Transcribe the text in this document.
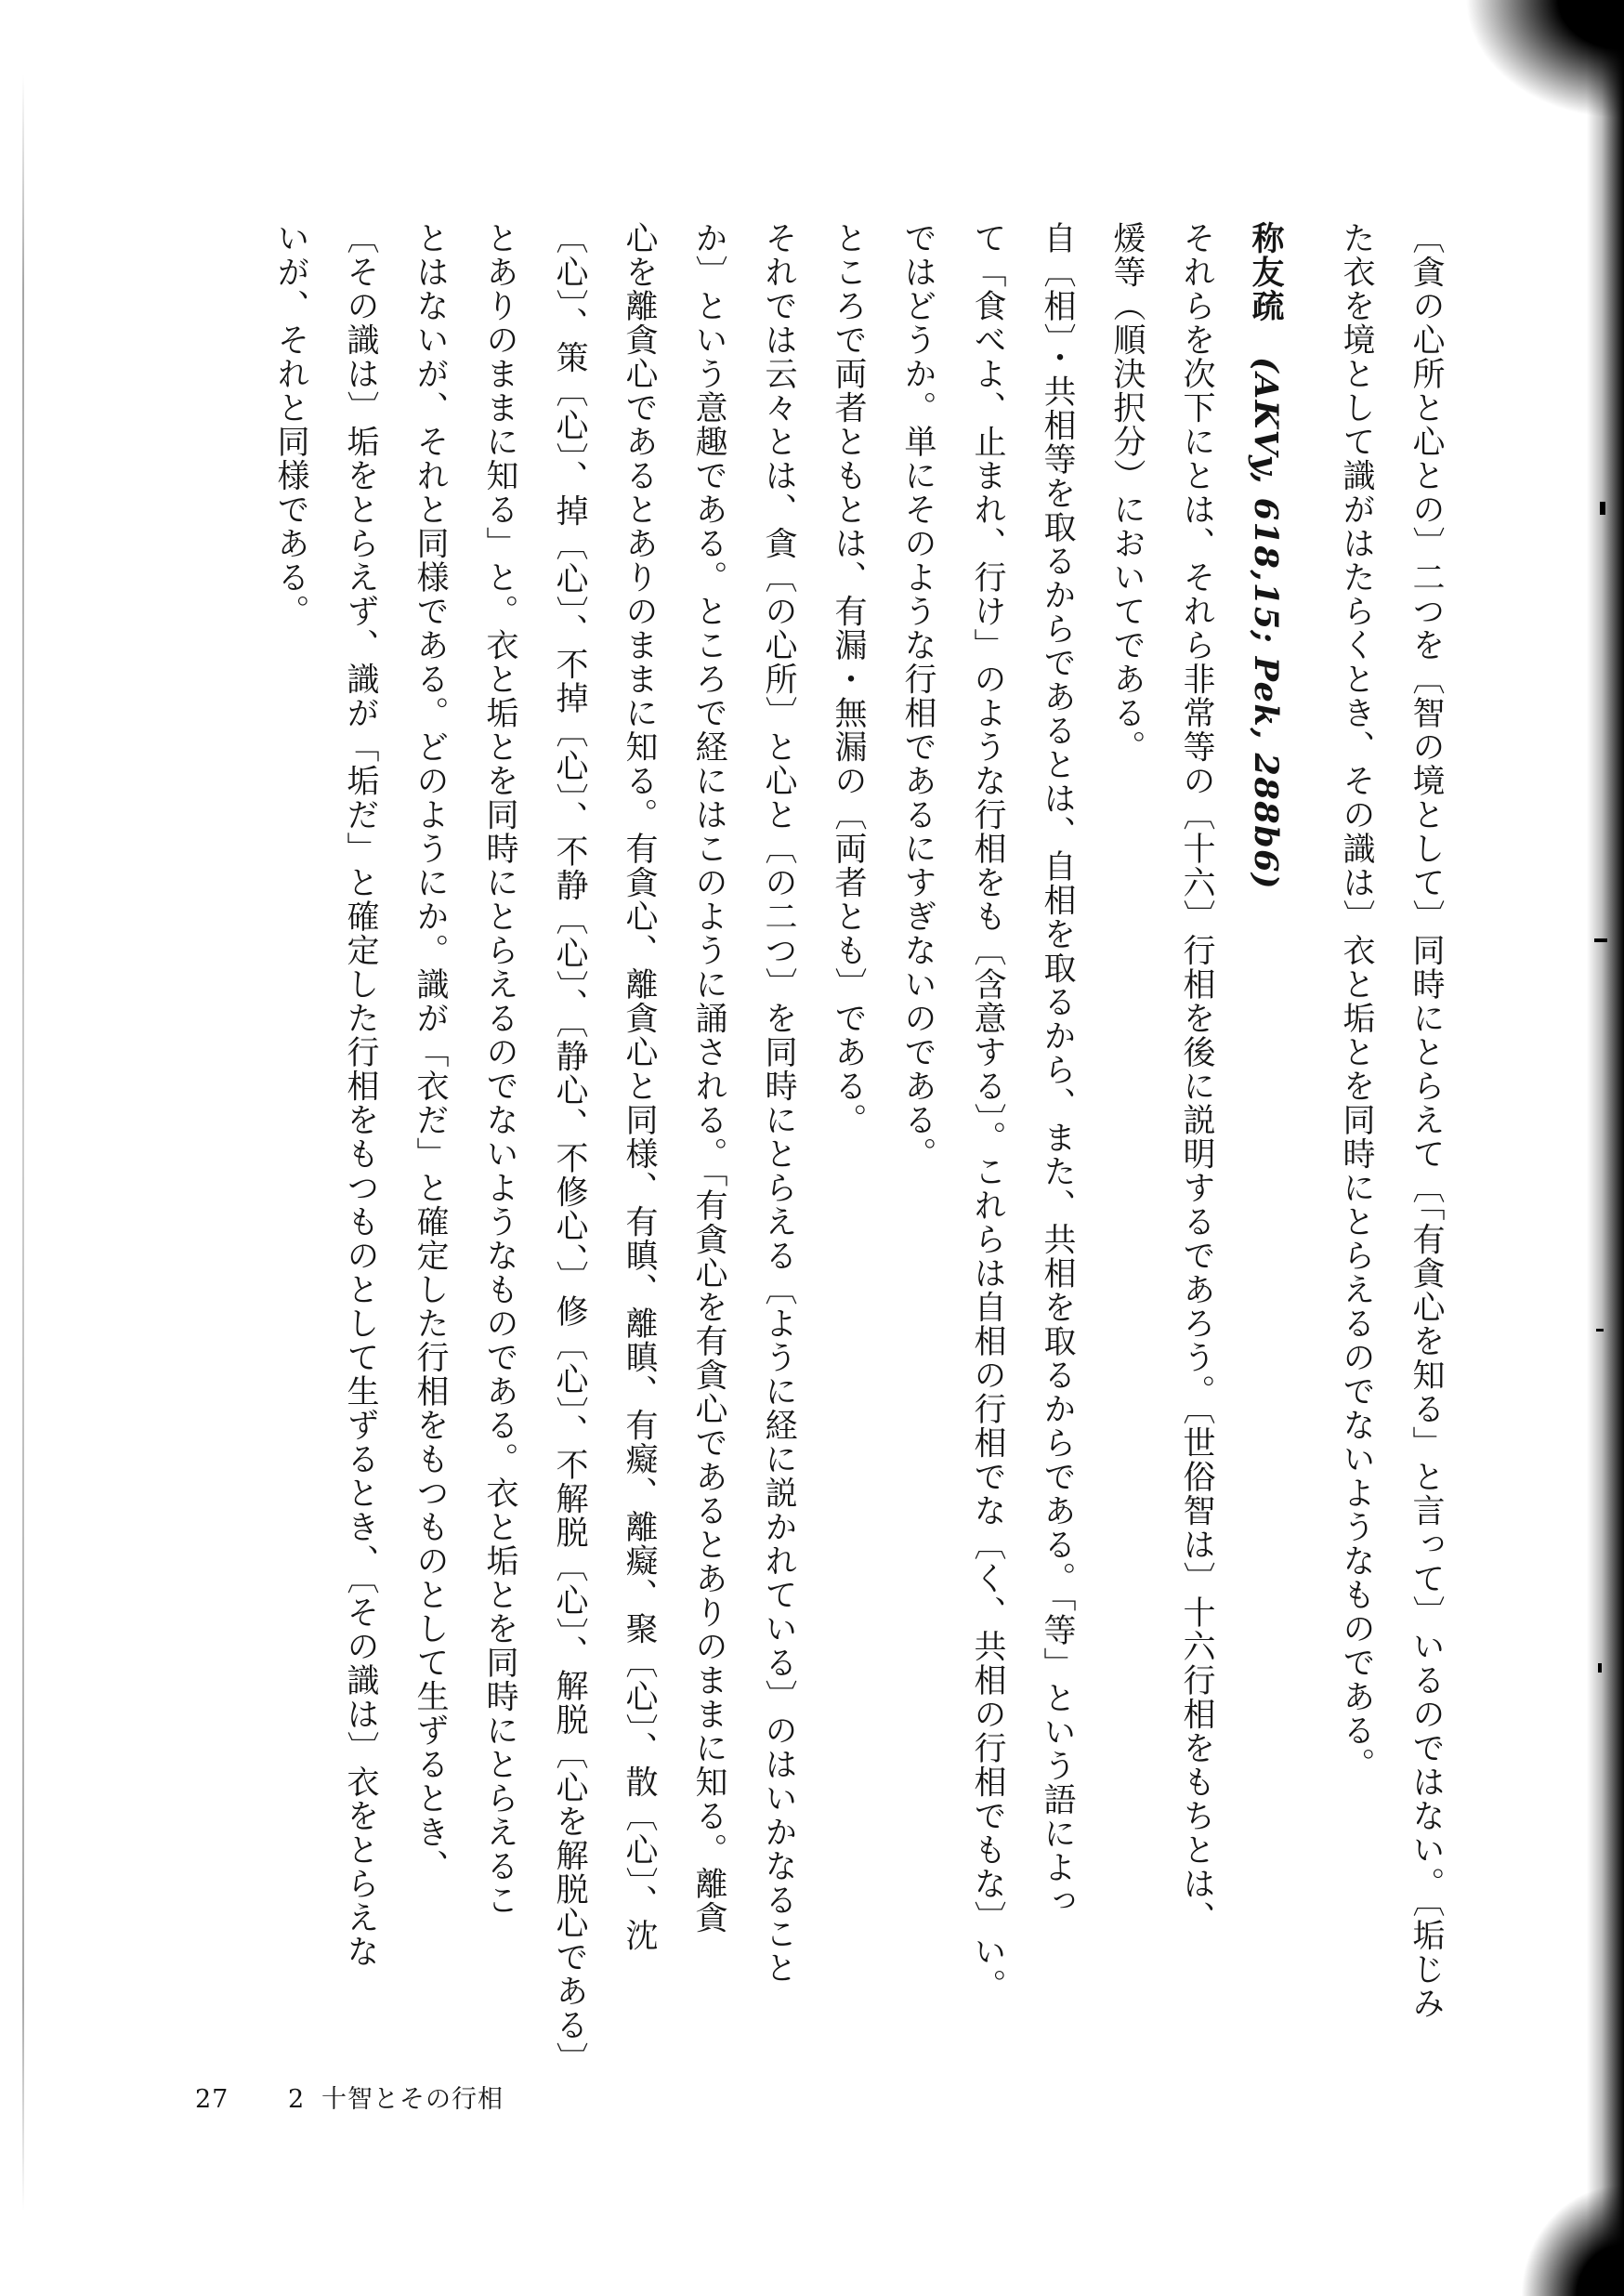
〔貪の心所と心との〕二つを〔智の境として〕同時にとらえて〔「有貪心を知る」と言って〕いるのではない。〔垢じみ
た衣を境として識がはたらくとき、その識は〕衣と垢とを同時にとらえるのでないようなものである。
称友疏　(AKVy, 618,15; Pek, 288b6)
それらを次下にとは、それら非常等の〔十六〕行相を後に説明するであろう。〔世俗智は〕十六行相をもちとは、
煖等（順決択分）においてである。
自〔相〕・共相等を取るからであるとは、自相を取るから、また、共相を取るからである。「等」という語によっ
て「食べよ、止まれ、行け」のような行相をも〔含意する〕。これらは自相の行相でな〔く、共相の行相でもな〕い。
ではどうか。単にそのような行相であるにすぎないのである。
ところで両者ともとは、有漏・無漏の〔両者とも〕である。
それでは云々とは、貪〔の心所〕と心と〔の二つ〕を同時にとらえる〔ように経に説かれている〕のはいかなること
か〕という意趣である。ところで経にはこのように誦される。「有貪心を有貪心であるとありのままに知る。離貪
心を離貪心であるとありのままに知る。有貪心、離貪心と同様、有瞋、離瞋、有癡、離癡、聚〔心〕、散〔心〕、沈
〔心〕、策〔心〕、掉〔心〕、不掉〔心〕、不静〔心〕、〔静心、不修心、〕修〔心〕、不解脱〔心〕、解脱〔心を解脱心である〕
とありのままに知る」と。衣と垢とを同時にとらえるのでないようなものである。衣と垢とを同時にとらえるこ
とはないが、それと同様である。どのようにか。識が「衣だ」と確定した行相をもつものとして生ずるとき、
〔その識は〕垢をとらえず、識が「垢だ」と確定した行相をもつものとして生ずるとき、〔その識は〕衣をとらえな
いが、それと同様である。
27 2 十智とその行相
